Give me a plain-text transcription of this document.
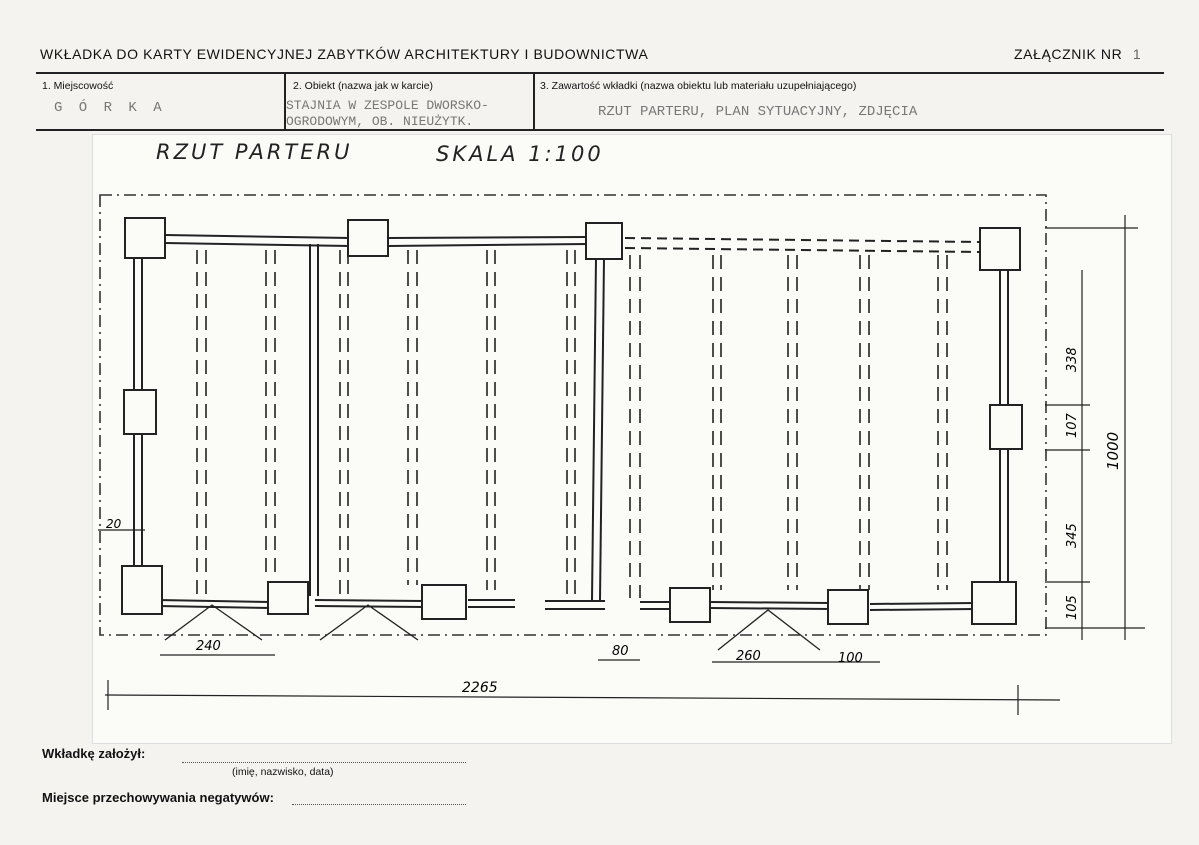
WKŁADKA DO KARTY EWIDENCYJNEJ ZABYTKÓW ARCHITEKTURY I BUDOWNICTWA	ZAŁĄCZNIK NR 1
1. Miejscowość
G Ó R K A
2. Obiekt (nazwa jak w karcie)
STAJNIA W ZESPOLE DWORSKO-
OGRODOWYM, OB. NIEUŻYTK.
3. Zawartość wkładki (nazwa obiektu lub materiału uzupełniającego)
RZUT PARTERU, PLAN SYTUACYJNY, ZDJĘCIA
RZUT PARTERU	SKALA 1:100
338
107
1000
345
105
20
240	80	260	100
2265
Wkładkę założył:
(imię, nazwisko, data)
Miejsce przechowywania negatywów:
